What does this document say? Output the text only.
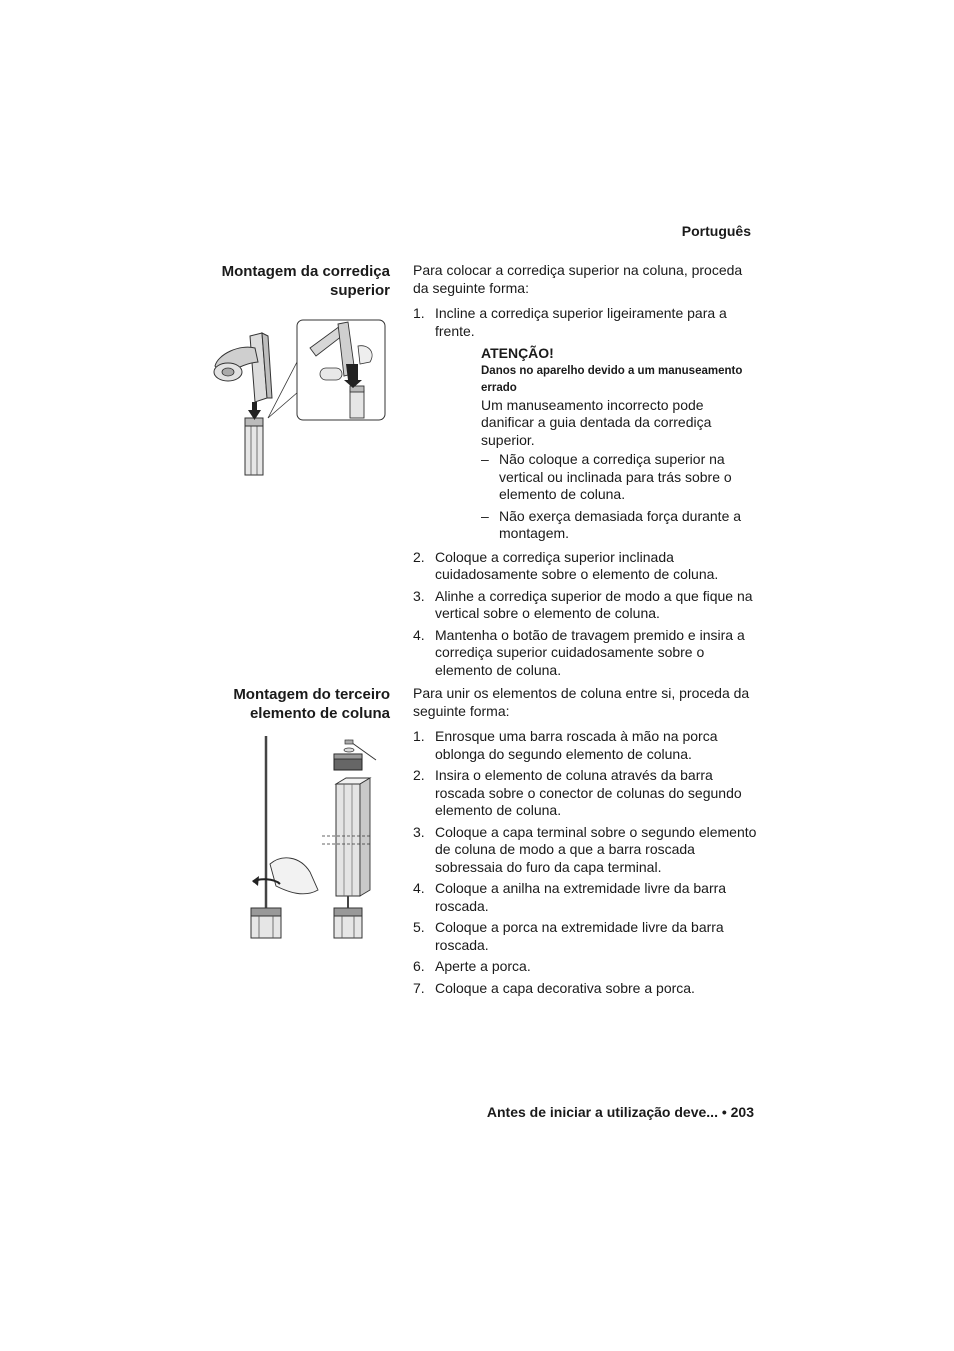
Português
Montagem da corrediça superior

Para colocar a corrediça superior na coluna, proceda da seguinte forma:

1. Incline a corrediça superior ligeiramente para a frente.
ATENÇÃO!
Danos no aparelho devido a um manuseamento errado
Um manuseamento incorrecto pode danificar a guia dentada da corrediça superior.
– Não coloque a corrediça superior na vertical ou inclinada para trás sobre o elemento de coluna.
– Não exerça demasiada força durante a montagem.
2. Coloque a corrediça superior inclinada cuidadosamente sobre o elemento de coluna.
3. Alinhe a corrediça superior de modo a que fique na vertical sobre o elemento de coluna.
4. Mantenha o botão de travagem premido e insira a corrediça superior cuidadosamente sobre o elemento de coluna.
Montagem do terceiro elemento de coluna

Para unir os elementos de coluna entre si, proceda da seguinte forma:

1. Enrosque uma barra roscada à mão na porca oblonga do segundo elemento de coluna.
2. Insira o elemento de coluna através da barra roscada sobre o conector de colunas do segundo elemento de coluna.
3. Coloque a capa terminal sobre o segundo elemento de coluna de modo a que a barra roscada sobressaia do furo da capa terminal.
4. Coloque a anilha na extremidade livre da barra roscada.
5. Coloque a porca na extremidade livre da barra roscada.
6. Aperte a porca.
7. Coloque a capa decorativa sobre a porca.
Antes de iniciar a utilização deve... • 203
